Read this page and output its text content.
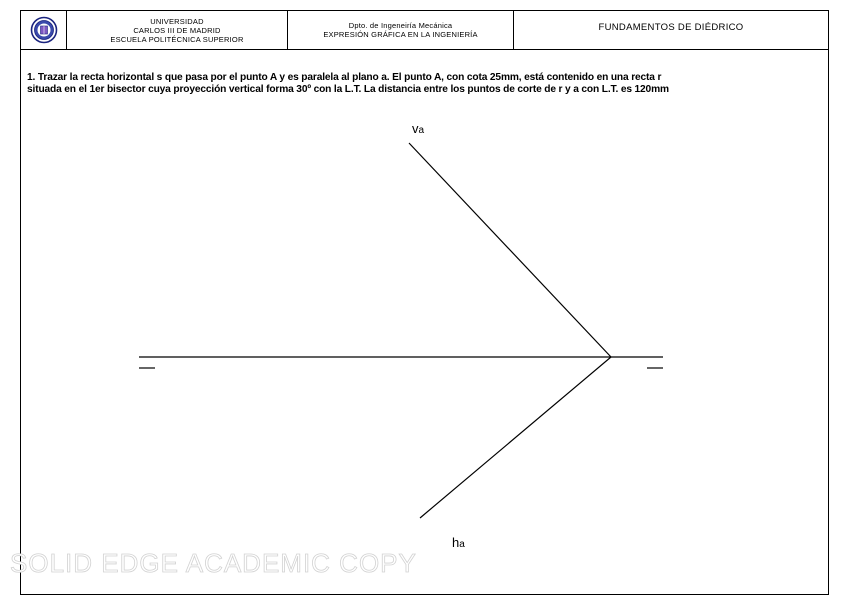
UNIVERSIDAD
CARLOS III DE MADRID
ESCUELA POLITÉCNICA SUPERIOR
Dpto. de Ingeneiría Mecánica
EXPRESIÓN GRÁFICA EN LA INGENIERÍA
FUNDAMENTOS DE DIÉDRICO
1. Trazar la recta horizontal s que pasa por el punto A y es paralela al plano a. El punto A, con cota 25mm, está contenido en una recta r
situada en el 1er bisector cuya proyección vertical forma 30º con la L.T. La distancia entre los puntos de corte de r y a con L.T. es 120mm
va
ha
SOLID EDGE ACADEMIC COPY
